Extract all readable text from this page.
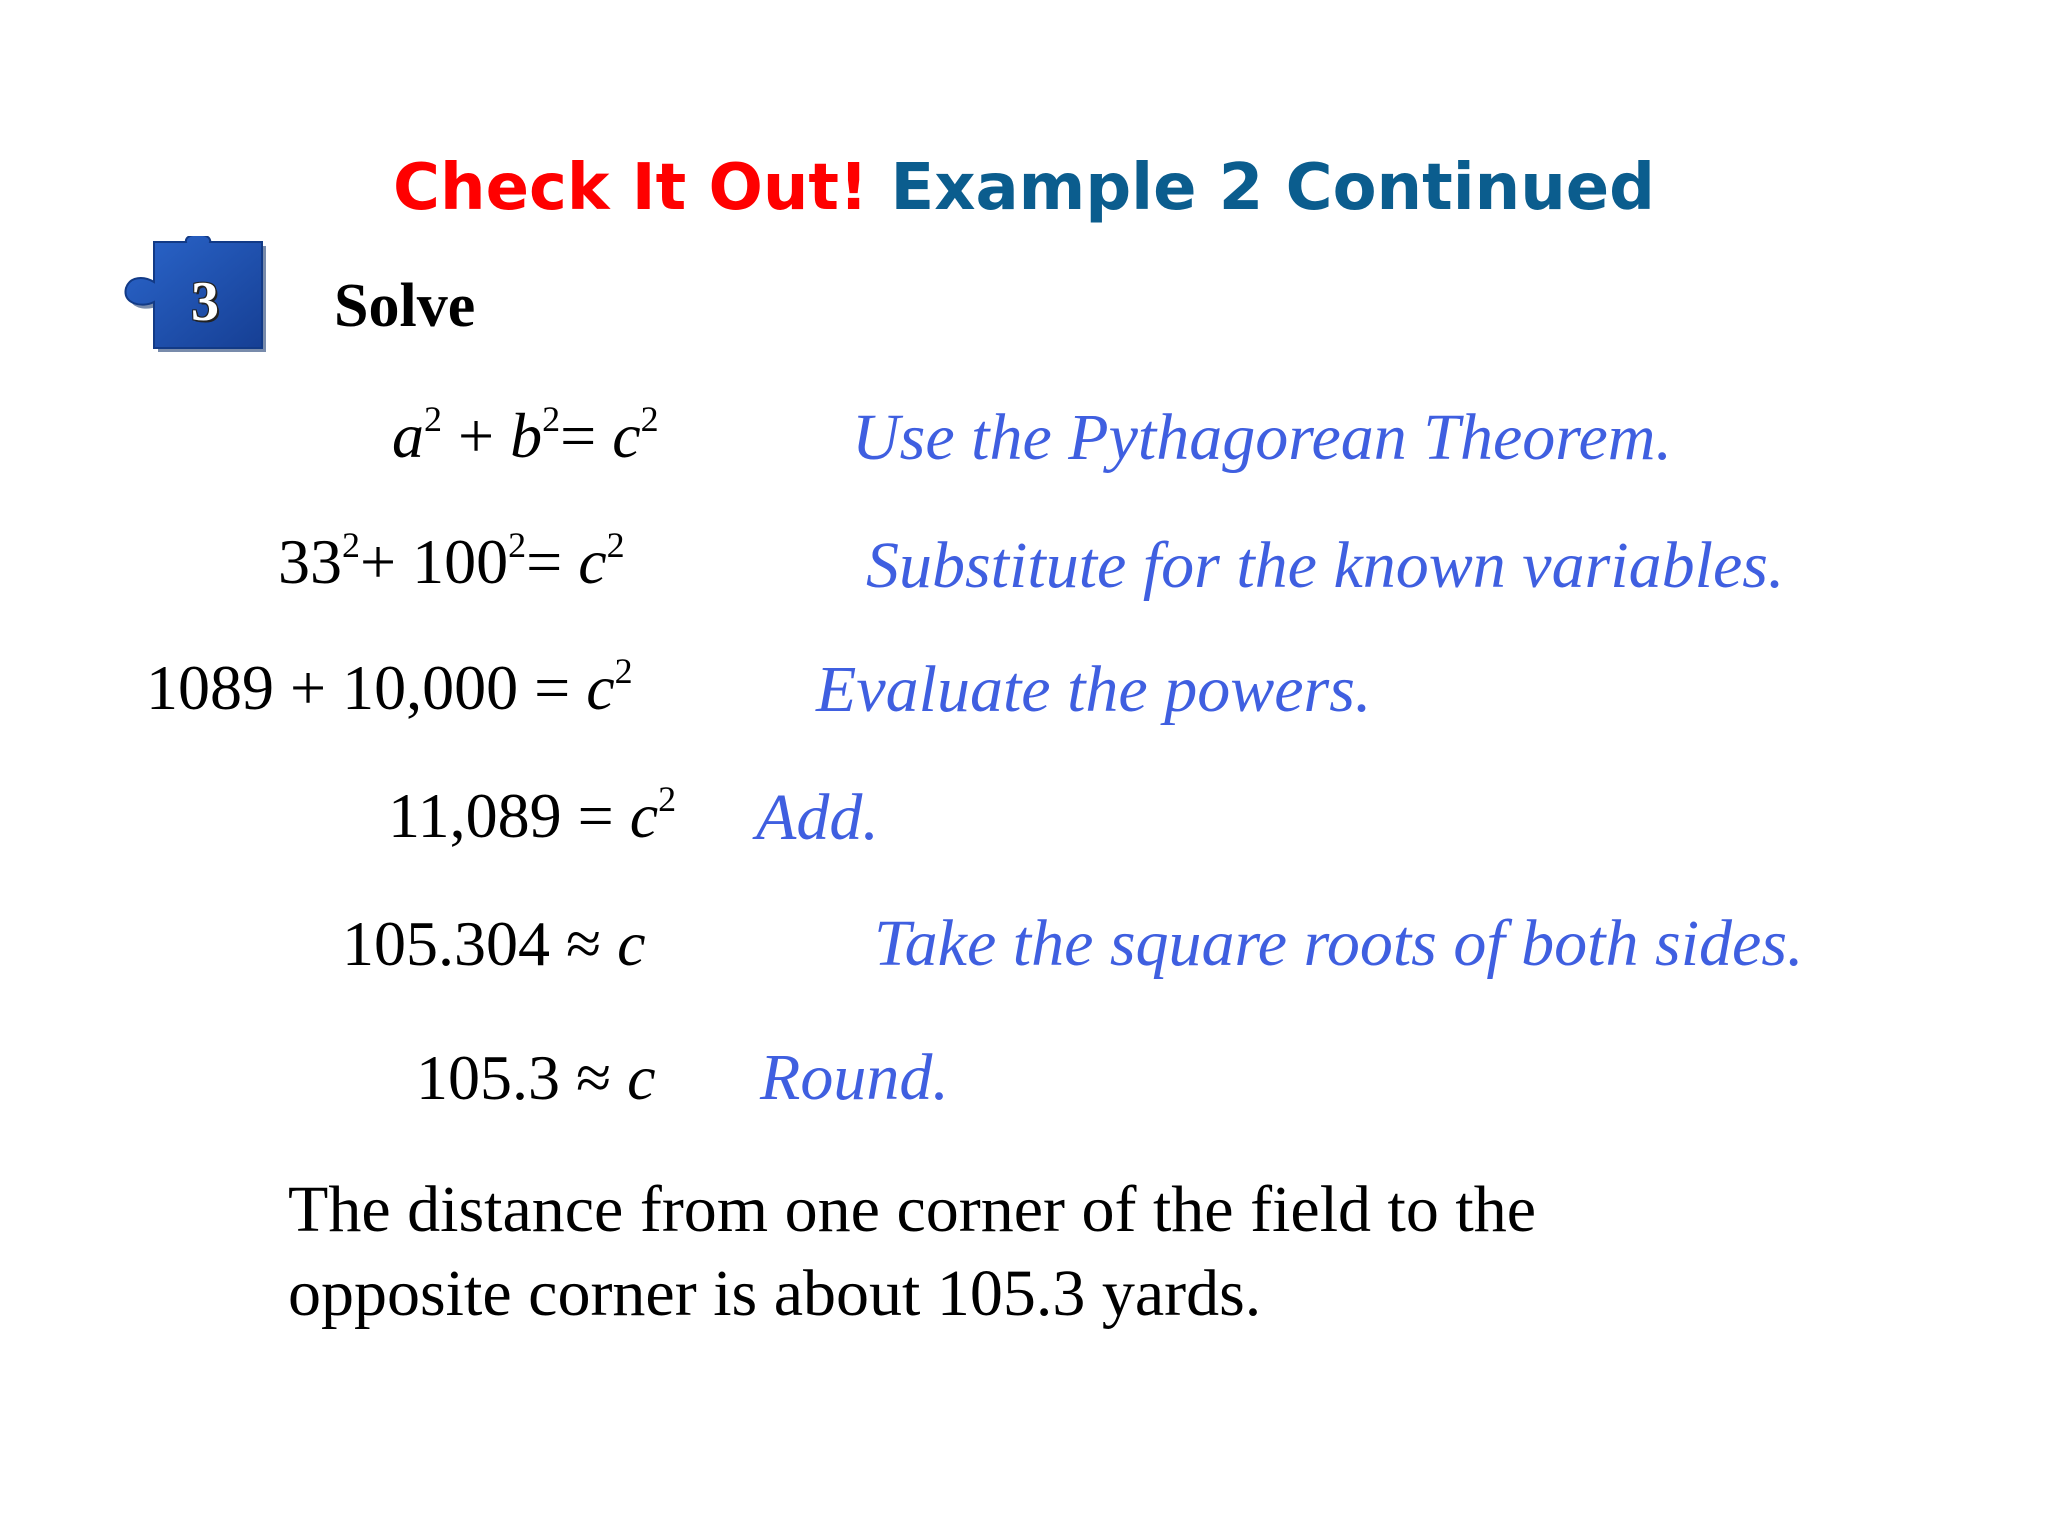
Check It Out! Example 2 Continued
3	Solve
$a^2 + b^2= c^2$	Use the Pythagorean Theorem.
$33^2+ 100^2= c^2$	Substitute for the known variables.
$1089 + 10,000 = c^2$	Evaluate the powers.
$11,089 = c^2$ Add.
105.304 ≈ c	Take the square roots of both sides.
105.3 ≈ c Round.
The distance from one corner of the field to the
opposite corner is about 105.3 yards.
